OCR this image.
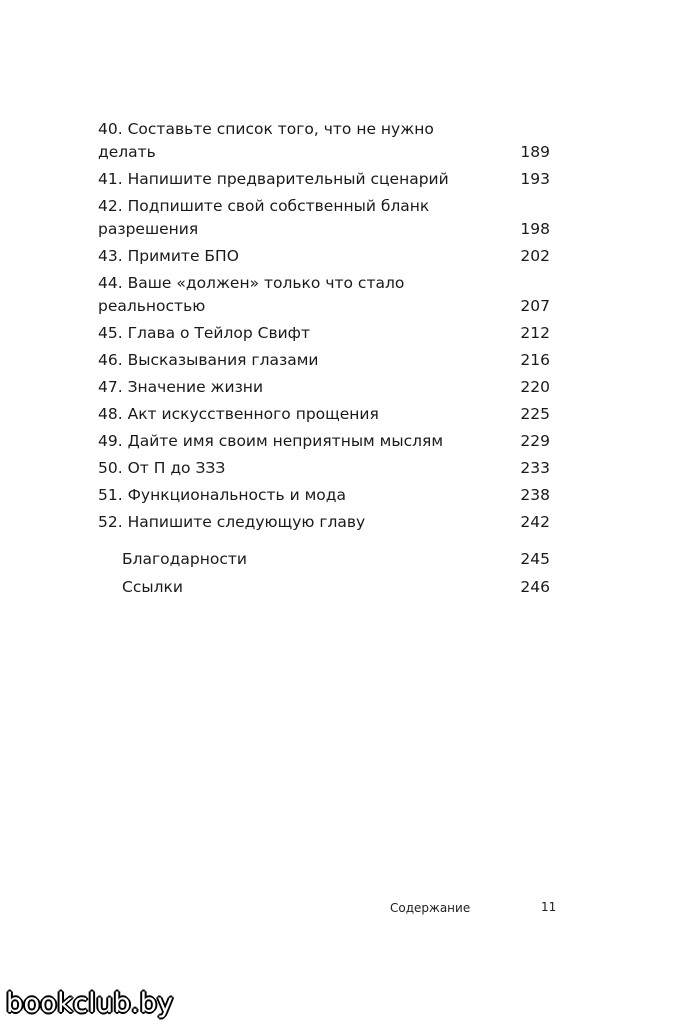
40. Составьте список того, что не нужно
делать	189
41. Напишите предварительный сценарий	193
42. Подпишите свой собственный бланк
разрешения	198
43. Примите БПО	202
44. Ваше «должен» только что стало
реальностью	207
45. Глава о Тейлор Свифт	212
46. Высказывания глазами	216
47. Значение жизни	220
48. Акт искусственного прощения	225
49. Дайте имя своим неприятным мыслям	229
50. От П до ЗЗЗ	233
51. Функциональность и мода	238
52. Напишите следующую главу	242
Благодарности	245
Ссылки	246
Содержание	11
bookclub.by
